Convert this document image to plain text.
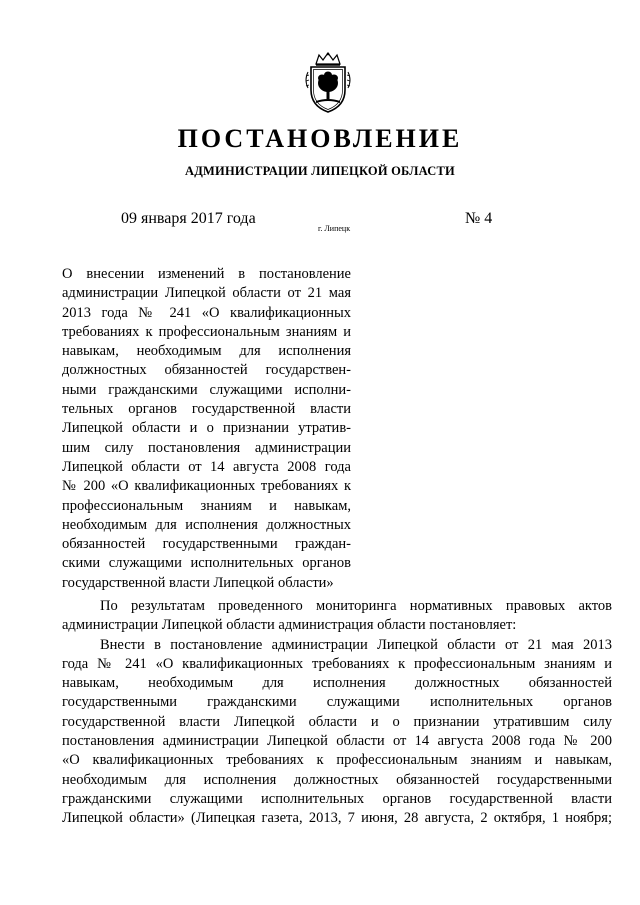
ПОСТАНОВЛЕНИЕ
АДМИНИСТРАЦИИ ЛИПЕЦКОЙ ОБЛАСТИ
09 января 2017 года
г. Липецк
№ 4
О внесении изменений в постановление
администрации Липецкой области от 21 мая
2013 года № 241 «О квалификационных
требованиях к профессиональным знаниям и
навыкам, необходимым для исполнения
должностных обязанностей государствен-
ными гражданскими служащими исполни-
тельных органов государственной власти
Липецкой области и о признании утратив-
шим силу постановления администрации
Липецкой области от 14 августа 2008 года
№ 200 «О квалификационных требованиях к
профессиональным знаниям и навыкам,
необходимым для исполнения должностных
обязанностей государственными граждан-
скими служащими исполнительных органов
государственной власти Липецкой области»
По результатам проведенного мониторинга нормативных правовых актов
администрации Липецкой области администрация области постановляет:
Внести в постановление администрации Липецкой области от 21 мая 2013
года № 241 «О квалификационных требованиях к профессиональным знаниям и
навыкам, необходимым для исполнения должностных обязанностей
государственными гражданскими служащими исполнительных органов
государственной власти Липецкой области и о признании утратившим силу
постановления администрации Липецкой области от 14 августа 2008 года № 200
«О квалификационных требованиях к профессиональным знаниям и навыкам,
необходимым для исполнения должностных обязанностей государственными
гражданскими служащими исполнительных органов государственной власти
Липецкой области» (Липецкая газета, 2013, 7 июня, 28 августа, 2 октября, 1 ноября;
